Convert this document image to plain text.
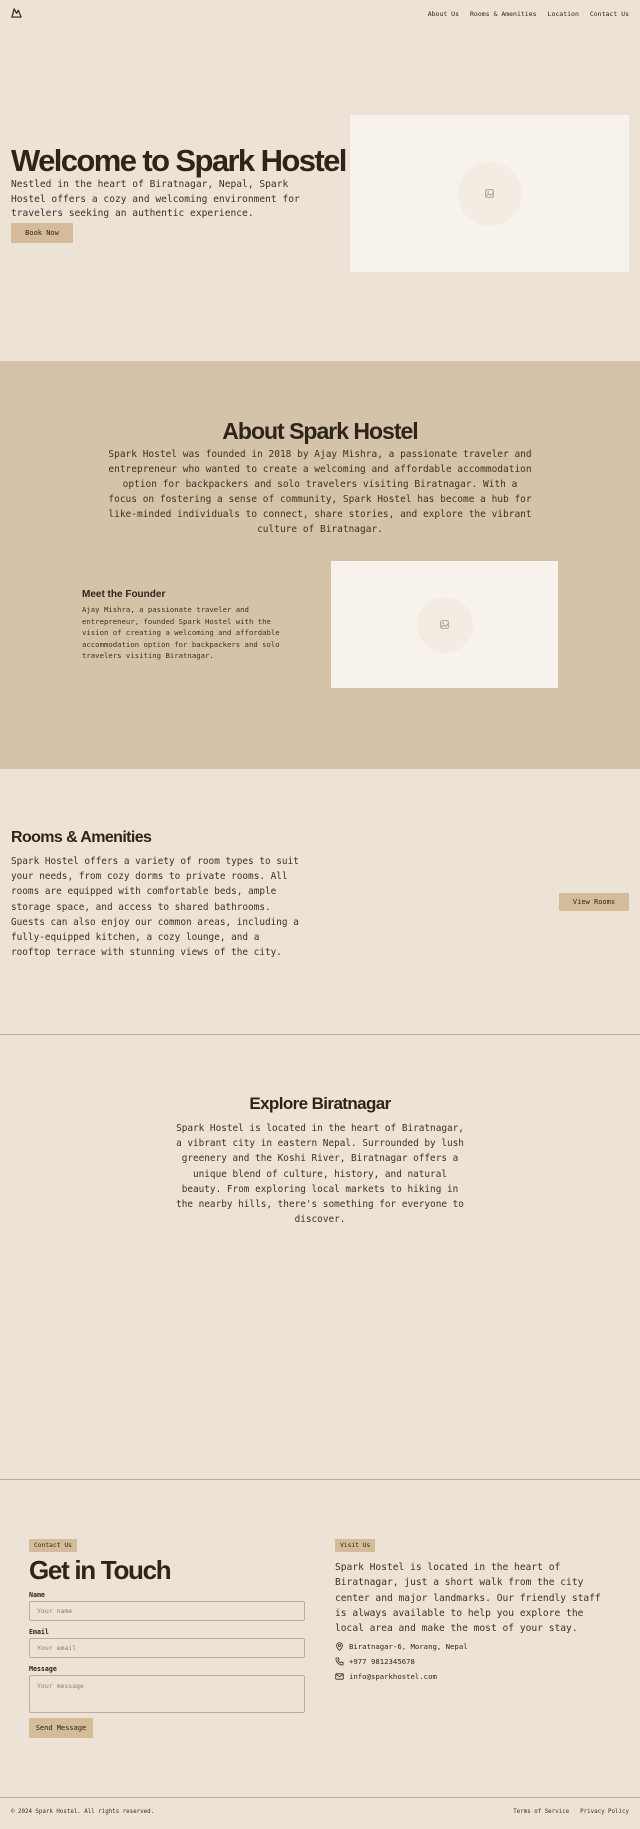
About Us Rooms & Amenities Location Contact Us
Welcome to Spark Hostel

Nestled in the heart of Biratnagar, Nepal, Spark Hostel offers a cozy and welcoming environment for travelers seeking an authentic experience.

Book Now
About Spark Hostel

Spark Hostel was founded in 2018 by Ajay Mishra, a passionate traveler and entrepreneur who wanted to create a welcoming and affordable accommodation option for backpackers and solo travelers visiting Biratnagar. With a focus on fostering a sense of community, Spark Hostel has become a hub for like-minded individuals to connect, share stories, and explore the vibrant culture of Biratnagar.

Meet the Founder

Ajay Mishra, a passionate traveler and entrepreneur, founded Spark Hostel with the vision of creating a welcoming and affordable accommodation option for backpackers and solo travelers visiting Biratnagar.

Rooms & Amenities

Spark Hostel offers a variety of room types to suit your needs, from cozy dorms to private rooms. All rooms are equipped with comfortable beds, ample storage space, and access to shared bathrooms. Guests can also enjoy our common areas, including a fully-equipped kitchen, a cozy lounge, and a rooftop terrace with stunning views of the city.

View Rooms
Explore Biratnagar

Spark Hostel is located in the heart of Biratnagar, a vibrant city in eastern Nepal. Surrounded by lush greenery and the Koshi River, Biratnagar offers a unique blend of culture, history, and natural beauty. From exploring local markets to hiking in the nearby hills, there's something for everyone to discover.

Contact Us
Get in Touch
Name
Your name
Email
Your email
Message
Your message
Send Message
Visit Us

Spark Hostel is located in the heart of Biratnagar, just a short walk from the city center and major landmarks. Our friendly staff is always available to help you explore the local area and make the most of your stay.

Biratnagar-6, Morang, Nepal
+977 9812345678
info@sparkhostel.com
© 2024 Spark Hostel. All rights reserved.	Terms of Service Privacy Policy
